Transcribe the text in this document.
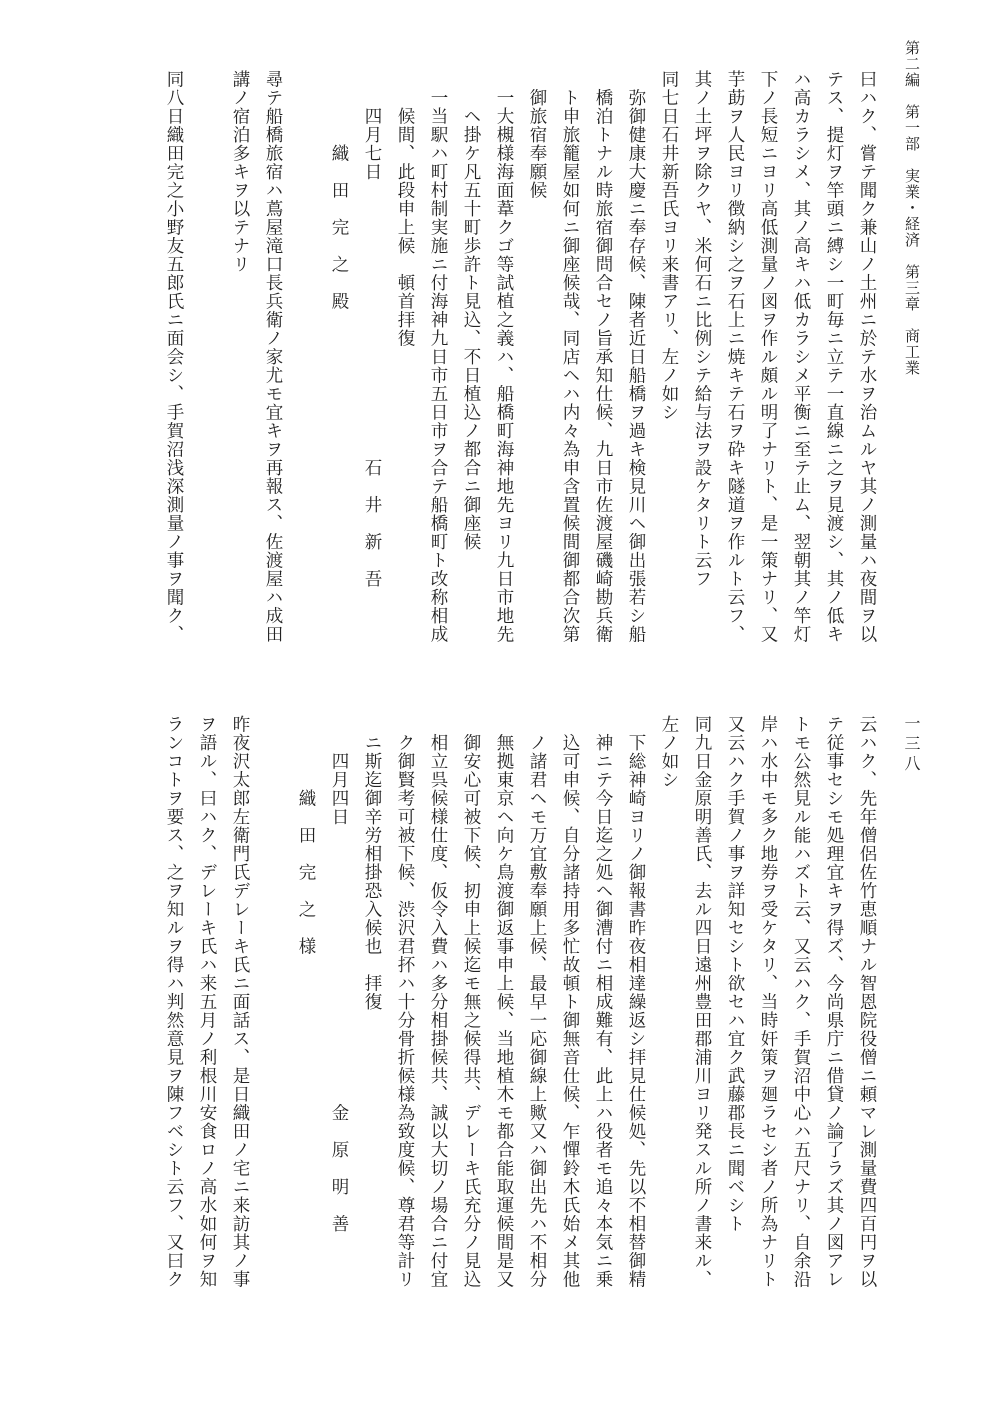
第二編　第一部　実業・経済　第三章　商工業
一三八
曰ハク、嘗テ聞ク兼山ノ土州ニ於テ水ヲ治ムルヤ其ノ測量ハ夜間ヲ以
テス、提灯ヲ竿頭ニ縛シ一町毎ニ立テ一直線ニ之ヲ見渡シ、其ノ低キ
ハ高カラシメ、其ノ高キハ低カラシメ平衡ニ至テ止ム、翌朝其ノ竿灯
下ノ長短ニヨリ高低測量ノ図ヲ作ル頗ル明了ナリト、是一策ナリ、又
芋莇ヲ人民ヨリ徴納シ之ヲ石上ニ焼キテ石ヲ砕キ隧道ヲ作ルト云フ、
其ノ土坪ヲ除クヤ、米何石ニ比例シテ給与法ヲ設ケタリト云フ
同七日石井新吾氏ヨリ来書アリ、左ノ如シ
　弥御健康大慶ニ奉存候、陳者近日船橋ヲ過キ検見川ヘ御出張若シ船
　橋泊トナル時旅宿御問合セノ旨承知仕候、九日市佐渡屋磯崎勘兵衛
　ト申旅籠屋如何ニ御座候哉、同店ヘハ内々為申含置候間御都合次第
　御旅宿奉願候
　一大槻様海面葦クゴ等試植之義ハ、船橋町海神地先ヨリ九日市地先
　　ヘ掛ケ凡五十町歩許ト見込、不日植込ノ都合ニ御座候
　一当駅ハ町村制実施ニ付海神九日市五日市ヲ合テ船橋町ト改称相成
　　候間、此段申上候　頓首拝復
　　四月七日　　　　　　　　　　　　　　　石　井　新　吾
　　　　織　田　完　之　殿
尋テ船橋旅宿ハ蔦屋滝口長兵衛ノ家尤モ宜キヲ再報ス、佐渡屋ハ成田
講ノ宿泊多キヲ以テナリ
同八日織田完之小野友五郎氏ニ面会シ、手賀沼浅深測量ノ事ヲ聞ク、
云ハク、先年僧侶佐竹恵順ナル智恩院役僧ニ頼マレ測量費四百円ヲ以
テ従事セシモ処理宜キヲ得ズ、今尚県庁ニ借貸ノ論了ラズ其ノ図アレ
トモ公然見ル能ハズト云、又云ハク、手賀沼中心ハ五尺ナリ、自余沿
岸ハ水中モ多ク地券ヲ受ケタリ、当時奸策ヲ廻ラセシ者ノ所為ナリト
又云ハク手賀ノ事ヲ詳知セシト欲セハ宜ク武藤郡長ニ聞ベシト
同九日金原明善氏、去ル四日遠州豊田郡浦川ヨリ発スル所ノ書来ル、
左ノ如シ
　下総神崎ヨリノ御報書昨夜相達繰返シ拝見仕候処、先以不相替御精
　神ニテ今日迄之処ヘ御漕付ニ相成難有、此上ハ役者モ追々本気ニ乗
　込可申候、自分諸持用多忙故頓ト御無音仕候、乍憚鈴木氏始メ其他
　ノ諸君ヘモ万宜敷奉願上候、最早一応御線上歟又ハ御出先ハ不相分
　無拠東京ヘ向ケ鳥渡御返事申上候、当地植木モ都合能取運候間是又
　御安心可被下候、扨申上候迄モ無之候得共、デレーキ氏充分ノ見込
　相立呉候様仕度、仮令入費ハ多分相掛候共、誠以大切ノ場合ニ付宜
　ク御賢考可被下候、渋沢君抔ハ十分骨折候様為致度候、尊君等計リ
　ニ斯迄御辛労相掛恐入候也　拝復
　　四月四日　　　　　　　　　　　　　　　金　原　明　善
　　　　織　田　完　之　様
昨夜沢太郎左衛門氏デレーキ氏ニ面話ス、是日織田ノ宅ニ来訪其ノ事
ヲ語ル、曰ハク、デレーキ氏ハ来五月ノ利根川安食ロノ高水如何ヲ知
ランコトヲ要ス、之ヲ知ルヲ得ハ判然意見ヲ陳フベシト云フ、又曰ク
